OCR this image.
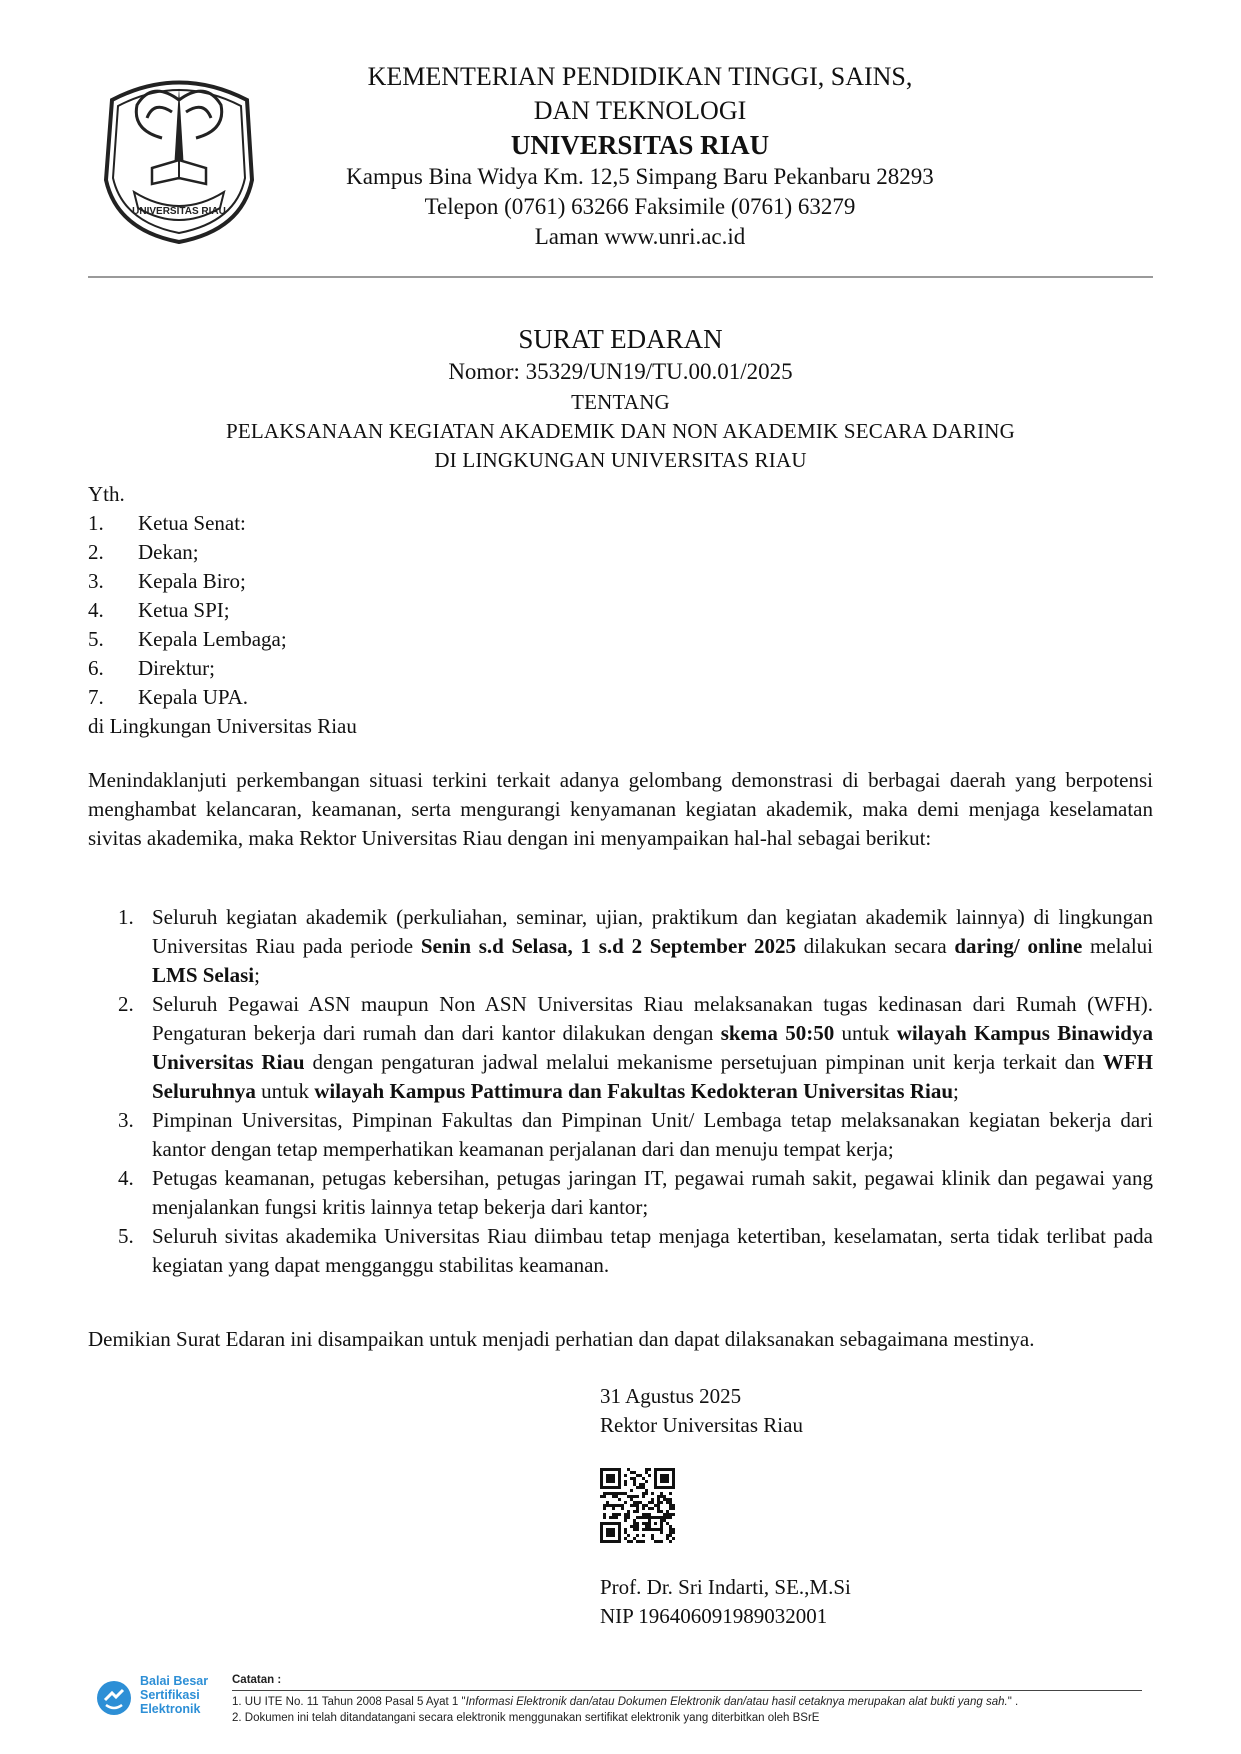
UNIVERSITAS RIAU
KEMENTERIAN PENDIDIKAN TINGGI, SAINS,
DAN TEKNOLOGI
UNIVERSITAS RIAU
Kampus Bina Widya Km. 12,5 Simpang Baru Pekanbaru 28293
Telepon (0761) 63266 Faksimile (0761) 63279
Laman www.unri.ac.id
SURAT EDARAN
Nomor: 35329/UN19/TU.00.01/2025
TENTANG
PELAKSANAAN KEGIATAN AKADEMIK DAN NON AKADEMIK SECARA DARING
DI LINGKUNGAN UNIVERSITAS RIAU
Yth.
1.	Ketua Senat:
2.	Dekan;
3.	Kepala Biro;
4.	Ketua SPI;
5.	Kepala Lembaga;
6.	Direktur;
7.	Kepala UPA.
di Lingkungan Universitas Riau
Menindaklanjuti perkembangan situasi terkini terkait adanya gelombang demonstrasi di berbagai daerah yang berpotensi menghambat kelancaran, keamanan, serta mengurangi kenyamanan kegiatan akademik, maka demi menjaga keselamatan sivitas akademika, maka Rektor Universitas Riau dengan ini menyampaikan hal-hal sebagai berikut:
1. Seluruh kegiatan akademik (perkuliahan, seminar, ujian, praktikum dan kegiatan akademik lainnya) di lingkungan Universitas Riau pada periode Senin s.d Selasa, 1 s.d 2 September 2025 dilakukan secara daring/ online melalui LMS Selasi;
2. Seluruh Pegawai ASN maupun Non ASN Universitas Riau melaksanakan tugas kedinasan dari Rumah (WFH). Pengaturan bekerja dari rumah dan dari kantor dilakukan dengan skema 50:50 untuk wilayah Kampus Binawidya Universitas Riau dengan pengaturan jadwal melalui mekanisme persetujuan pimpinan unit kerja terkait dan WFH Seluruhnya untuk wilayah Kampus Pattimura dan Fakultas Kedokteran Universitas Riau;
3. Pimpinan Universitas, Pimpinan Fakultas dan Pimpinan Unit/ Lembaga tetap melaksanakan kegiatan bekerja dari kantor dengan tetap memperhatikan keamanan perjalanan dari dan menuju tempat kerja;
4. Petugas keamanan, petugas kebersihan, petugas jaringan IT, pegawai rumah sakit, pegawai klinik dan pegawai yang menjalankan fungsi kritis lainnya tetap bekerja dari kantor;
5. Seluruh sivitas akademika Universitas Riau diimbau tetap menjaga ketertiban, keselamatan, serta tidak terlibat pada kegiatan yang dapat mengganggu stabilitas keamanan.
Demikian Surat Edaran ini disampaikan untuk menjadi perhatian dan dapat dilaksanakan sebagaimana mestinya.
31 Agustus 2025
Rektor Universitas Riau
Prof. Dr. Sri Indarti, SE.,M.Si
NIP 196406091989032001
Balai Besar
Sertifikasi
Elektronik
Catatan :
1. UU ITE No. 11 Tahun 2008 Pasal 5 Ayat 1 "Informasi Elektronik dan/atau Dokumen Elektronik dan/atau hasil cetaknya merupakan alat bukti yang sah." .
2. Dokumen ini telah ditandatangani secara elektronik menggunakan sertifikat elektronik yang diterbitkan oleh BSrE
